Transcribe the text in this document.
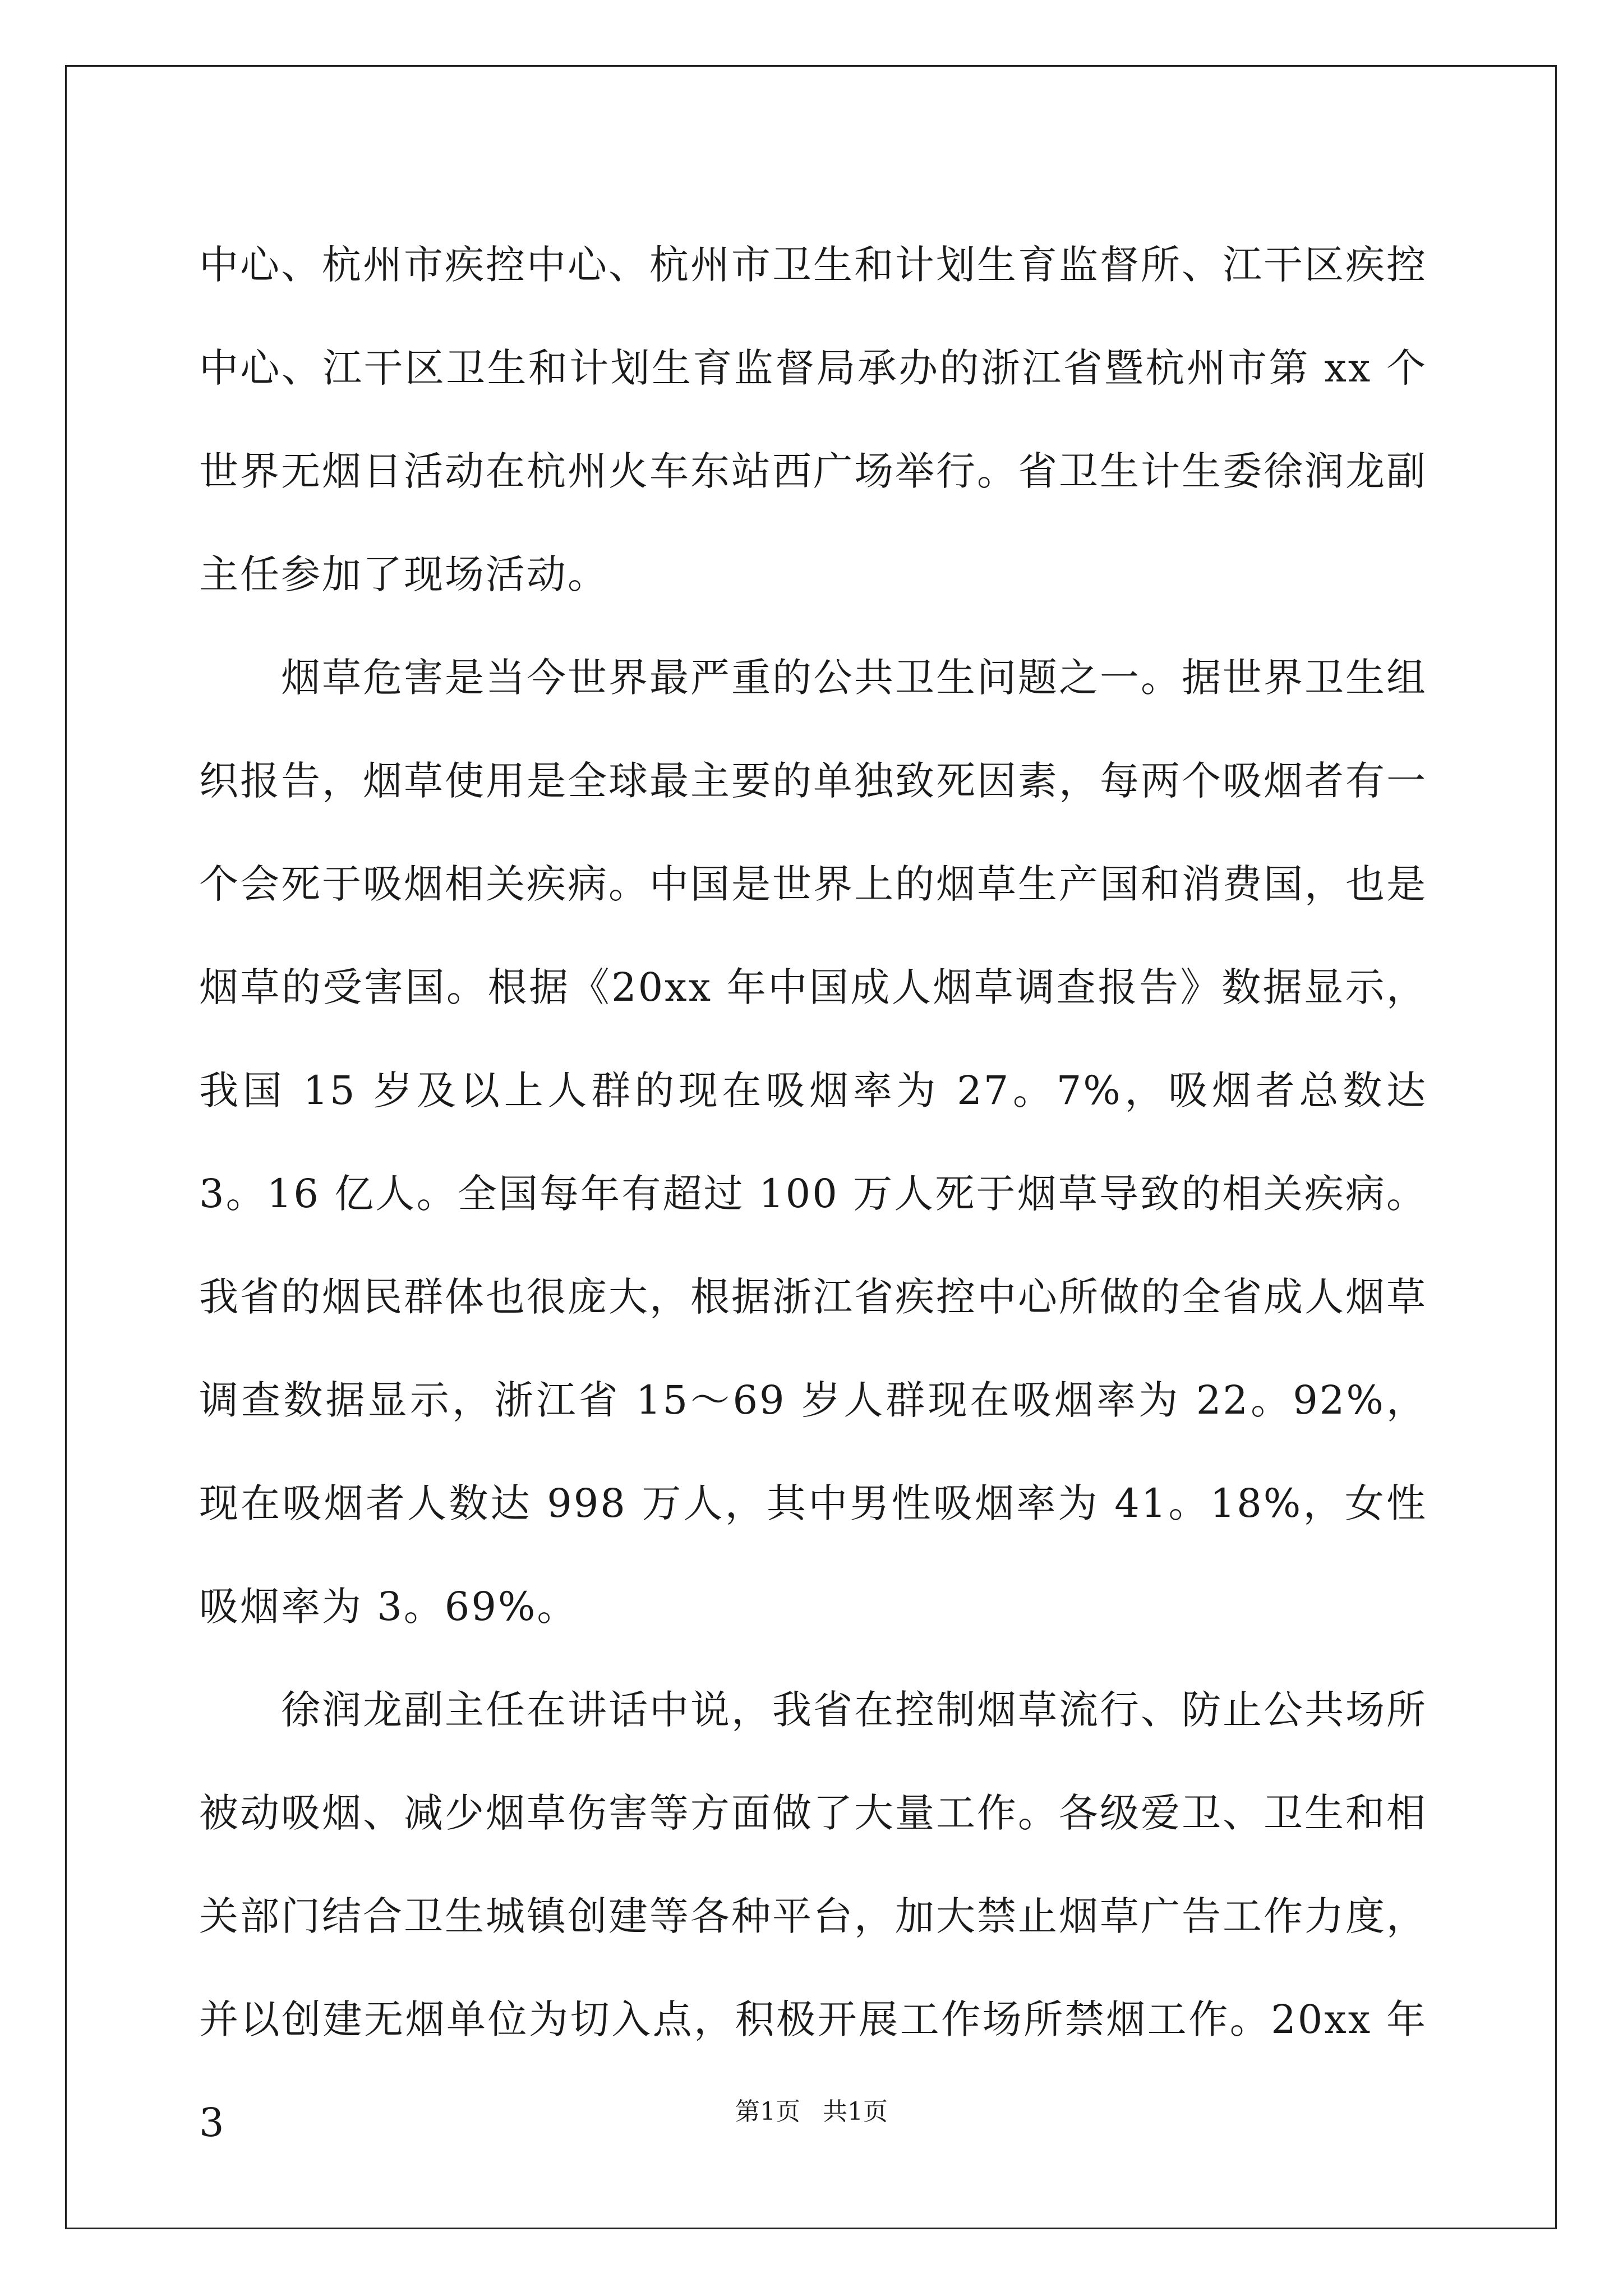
中心、杭州市疾控中心、杭州市卫生和计划生育监督所、江干区疾控中心、江干区卫生和计划生育监督局承办的浙江省暨杭州市第 xx 个世界无烟日活动在杭州火车东站西广场举行。省卫生计生委徐润龙副主任参加了现场活动。

烟草危害是当今世界最严重的公共卫生问题之一。据世界卫生组织报告，烟草使用是全球最主要的单独致死因素，每两个吸烟者有一个会死于吸烟相关疾病。中国是世界上的烟草生产国和消费国，也是烟草的受害国。根据《20xx 年中国成人烟草调查报告》数据显示，我国 15 岁及以上人群的现在吸烟率为 27。7%，吸烟者总数达 3。16 亿人。全国每年有超过 100 万人死于烟草导致的相关疾病。我省的烟民群体也很庞大，根据浙江省疾控中心所做的全省成人烟草调查数据显示，浙江省 15～69 岁人群现在吸烟率为 22。92%，现在吸烟者人数达 998 万人，其中男性吸烟率为 41。18%，女性吸烟率为 3。69%。

徐润龙副主任在讲话中说，我省在控制烟草流行、防止公共场所被动吸烟、减少烟草伤害等方面做了大量工作。各级爱卫、卫生和相关部门结合卫生城镇创建等各种平台，加大禁止烟草广告工作力度，并以创建无烟单位为切入点，积极开展工作场所禁烟工作。20xx 年 3	第1页 共1页
